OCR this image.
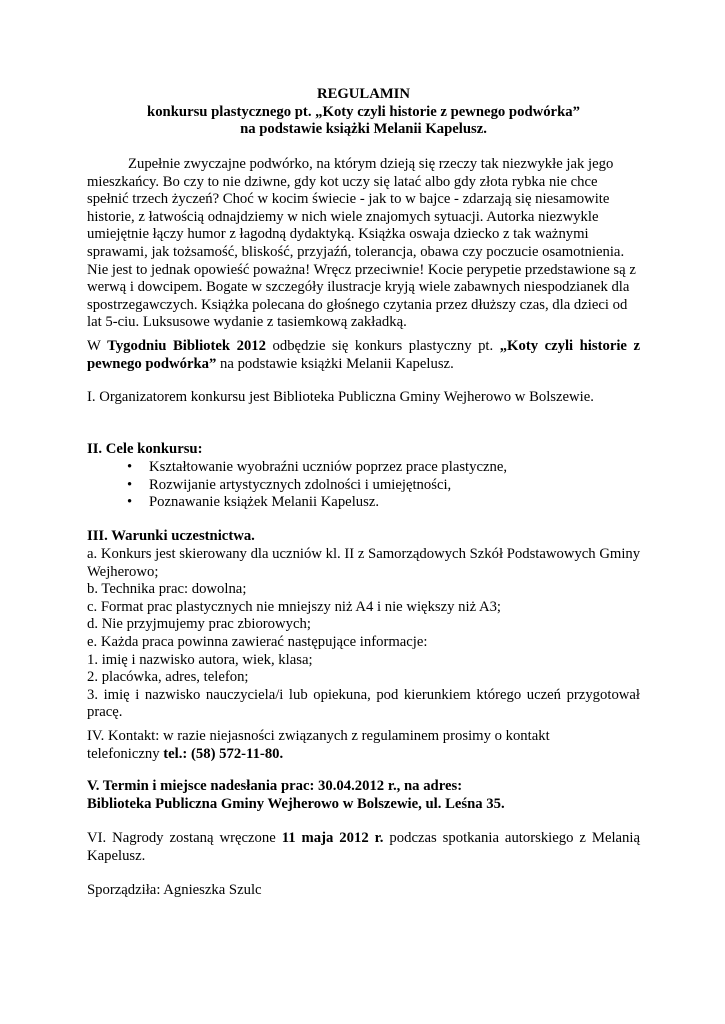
REGULAMIN
konkursu plastycznego pt. „Koty czyli historie z pewnego podwórka”
na podstawie książki Melanii Kapelusz.
Zupełnie zwyczajne podwórko, na którym dzieją się rzeczy tak niezwykłe jak jego
mieszkańcy. Bo czy to nie dziwne, gdy kot uczy się latać albo gdy złota rybka nie chce
spełnić trzech życzeń? Choć w kocim świecie - jak to w bajce - zdarzają się niesamowite
historie, z łatwością odnajdziemy w nich wiele znajomych sytuacji. Autorka niezwykle
umiejętnie łączy humor z łagodną dydaktyką. Książka oswaja dziecko z tak ważnymi
sprawami, jak tożsamość, bliskość, przyjaźń, tolerancja, obawa czy poczucie osamotnienia.
Nie jest to jednak opowieść poważna! Wręcz przeciwnie! Kocie perypetie przedstawione są z
werwą i dowcipem. Bogate w szczegóły ilustracje kryją wiele zabawnych niespodzianek dla
spostrzegawczych. Książka polecana do głośnego czytania przez dłuższy czas, dla dzieci od
lat 5-ciu. Luksusowe wydanie z tasiemkową zakładką.
W Tygodniu Bibliotek 2012 odbędzie się konkurs plastyczny pt. „Koty czyli historie z
pewnego podwórka” na podstawie książki Melanii Kapelusz.

I. Organizatorem konkursu jest Biblioteka Publiczna Gminy Wejherowo w Bolszewie.

II. Cele konkursu:

• Kształtowanie wyobraźni uczniów poprzez prace plastyczne,
• Rozwijanie artystycznych zdolności i umiejętności,
• Poznawanie książek Melanii Kapelusz.

III. Warunki uczestnictwa.

a. Konkurs jest skierowany dla uczniów kl. II z Samorządowych Szkół Podstawowych Gminy
Wejherowo;
b. Technika prac: dowolna;
c. Format prac plastycznych nie mniejszy niż A4 i nie większy niż A3;
d. Nie przyjmujemy prac zbiorowych;
e. Każda praca powinna zawierać następujące informacje:
1. imię i nazwisko autora, wiek, klasa;
2. placówka, adres, telefon;
3. imię i nazwisko nauczyciela/i lub opiekuna, pod kierunkiem którego uczeń przygotował
pracę.
IV. Kontakt: w razie niejasności związanych z regulaminem prosimy o kontakt
telefoniczny tel.: (58) 572-11-80.
V. Termin i miejsce nadesłania prac: 30.04.2012 r., na adres:
Biblioteka Publiczna Gminy Wejherowo w Bolszewie, ul. Leśna 35.
VI. Nagrody zostaną wręczone 11 maja 2012 r. podczas spotkania autorskiego z Melanią
Kapelusz.

Sporządziła: Agnieszka Szulc
